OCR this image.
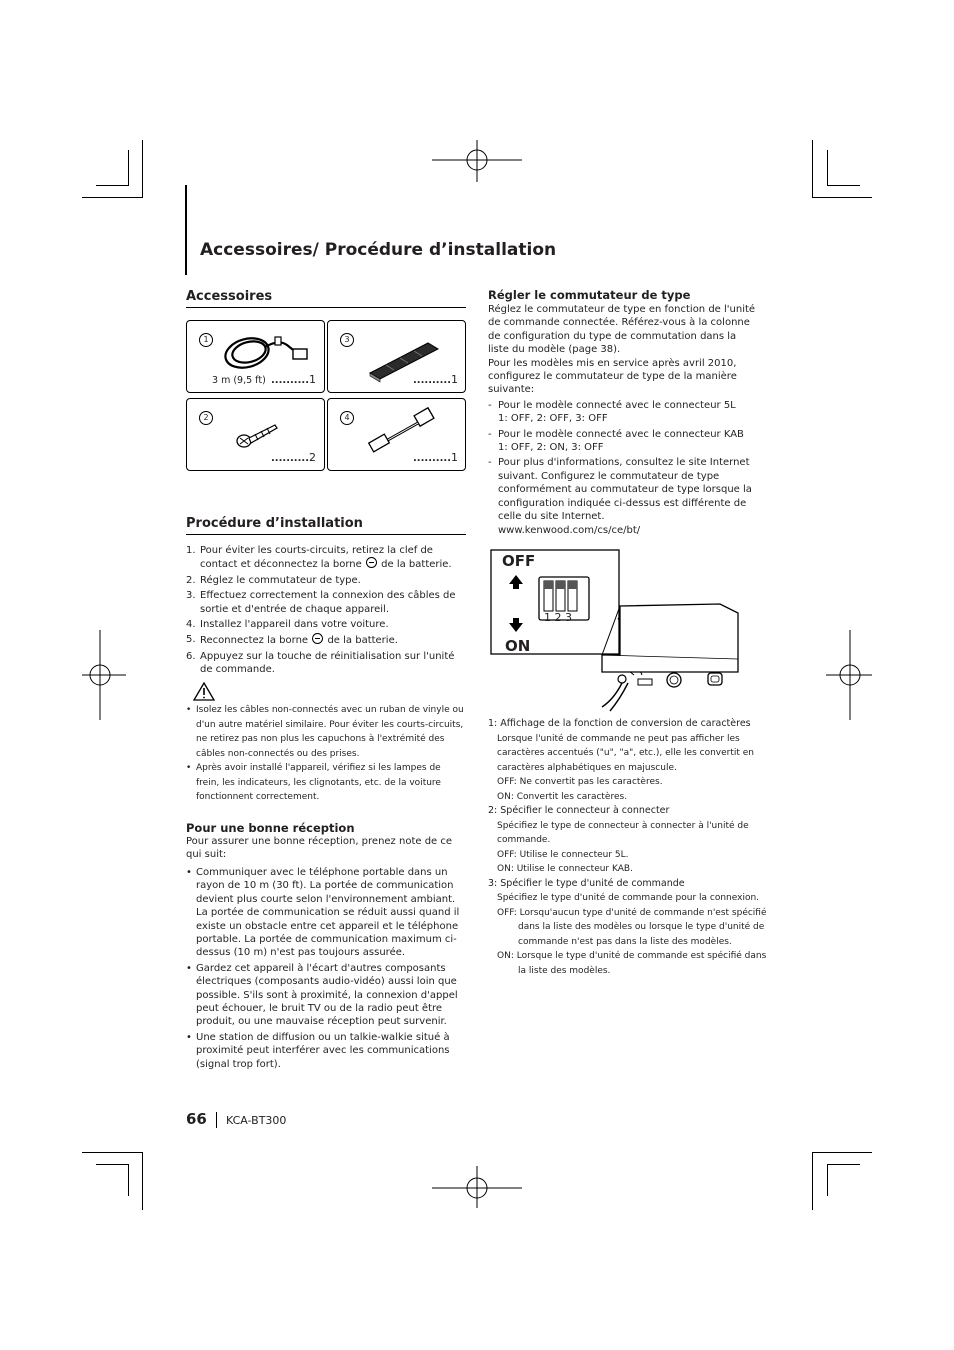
Accessoires/ Procédure d’installation
Accessoires
1
3 m (9,5 ft) ..........1
3
..........1
2
..........2
4
..........1
Procédure d’installation
1. Pour éviter les courts-circuits, retirez la clef de contact et déconnectez la borne de la batterie.
2. Réglez le commutateur de type.
3. Effectuez correctement la connexion des câbles de sortie et d'entrée de chaque appareil.
4. Installez l'appareil dans votre voiture.
5. Reconnectez la borne de la batterie.
6. Appuyez sur la touche de réinitialisation sur l'unité de commande.
• Isolez les câbles non-connectés avec un ruban de vinyle ou d'un autre matériel similaire. Pour éviter les courts-circuits, ne retirez pas non plus les capuchons à l'extrémité des câbles non-connectés ou des prises.
• Après avoir installé l'appareil, vérifiez si les lampes de frein, les indicateurs, les clignotants, etc. de la voiture fonctionnent correctement.
Pour une bonne réception
Pour assurer une bonne réception, prenez note de ce qui suit:
• Communiquer avec le téléphone portable dans un rayon de 10 m (30 ft). La portée de communication devient plus courte selon l'environnement ambiant. La portée de communication se réduit aussi quand il existe un obstacle entre cet appareil et le téléphone portable. La portée de communication maximum ci-dessus (10 m) n'est pas toujours assurée.
• Gardez cet appareil à l'écart d'autres composants électriques (composants audio-vidéo) aussi loin que possible. S'ils sont à proximité, la connexion d'appel peut échouer, le bruit TV ou de la radio peut être produit, ou une mauvaise réception peut survenir.
• Une station de diffusion ou un talkie-walkie situé à proximité peut interférer avec les communications (signal trop fort).
Régler le commutateur de type
Réglez le commutateur de type en fonction de l'unité de commande connectée. Référez-vous à la colonne de configuration du type de commutation dans la liste du modèle (page 38).
Pour les modèles mis en service après avril 2010, configurez le commutateur de type de la manière suivante:
- Pour le modèle connecté avec le connecteur 5L
1: OFF, 2: OFF, 3: OFF
- Pour le modèle connecté avec le connecteur KAB
1: OFF, 2: ON, 3: OFF
- Pour plus d'informations, consultez le site Internet suivant. Configurez le commutateur de type conformément au commutateur de type lorsque la configuration indiquée ci-dessus est différente de celle du site Internet.
www.kenwood.com/cs/ce/bt/
OFF
ON
1 2 3
1: Affichage de la fonction de conversion de caractères
Lorsque l'unité de commande ne peut pas afficher les caractères accentués ("u", "a", etc.), elle les convertit en caractères alphabétiques en majuscule.
OFF: Ne convertit pas les caractères.
ON: Convertit les caractères.
2: Spécifier le connecteur à connecter
Spécifiez le type de connecteur à connecter à l'unité de commande.
OFF: Utilise le connecteur 5L.
ON: Utilise le connecteur KAB.
3: Spécifier le type d'unité de commande
Spécifiez le type d'unité de commande pour la connexion.
OFF: Lorsqu'aucun type d'unité de commande n'est spécifié dans la liste des modèles ou lorsque le type d'unité de commande n'est pas dans la liste des modèles.
ON: Lorsque le type d'unité de commande est spécifié dans la liste des modèles.
66 KCA-BT300
